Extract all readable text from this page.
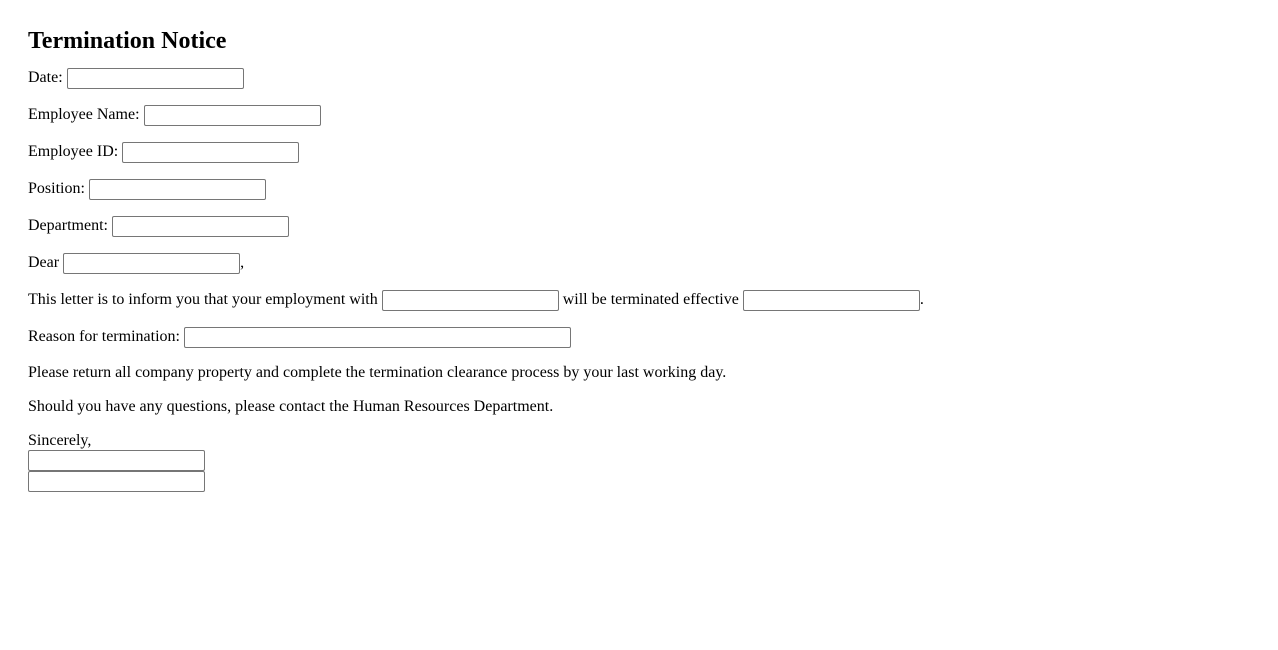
Termination Notice
Date:
Employee Name:
Employee ID:
Position:
Department:
Dear	,
This letter is to inform you that your employment with	will be terminated effective	.
Reason for termination:

Please return all company property and complete the termination clearance process by your last working day.

Should you have any questions, please contact the Human Resources Department.

Sincerely,
